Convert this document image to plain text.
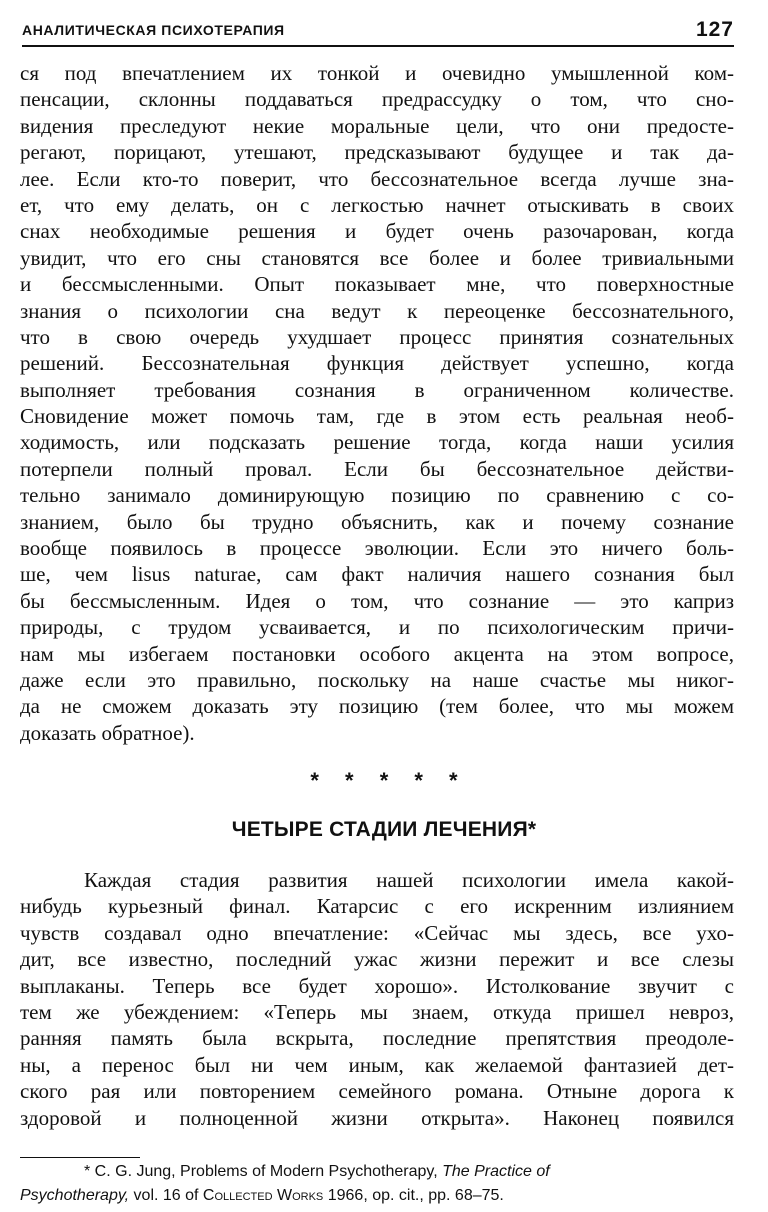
АНАЛИТИЧЕСКАЯ ПСИХОТЕРАПИЯ	127
ся под впечатлением их тонкой и очевидно умышленной ком-
пенсации, склонны поддаваться предрассудку о том, что сно-
видения преследуют некие моральные цели, что они предосте-
регают, порицают, утешают, предсказывают будущее и так да-
лее. Если кто-то поверит, что бессознательное всегда лучше зна-
ет, что ему делать, он с легкостью начнет отыскивать в своих
снах необходимые решения и будет очень разочарован, когда
увидит, что его сны становятся все более и более тривиальными
и бессмысленными. Опыт показывает мне, что поверхностные
знания о психологии сна ведут к переоценке бессознательного,
что в свою очередь ухудшает процесс принятия сознательных
решений. Бессознательная функция действует успешно, когда
выполняет требования сознания в ограниченном количестве.
Сновидение может помочь там, где в этом есть реальная необ-
ходимость, или подсказать решение тогда, когда наши усилия
потерпели полный провал. Если бы бессознательное действи-
тельно занимало доминирующую позицию по сравнению с со-
знанием, было бы трудно объяснить, как и почему сознание
вообще появилось в процессе эволюции. Если это ничего боль-
ше, чем lisus naturae, сам факт наличия нашего сознания был
бы бессмысленным. Идея о том, что сознание — это каприз
природы, с трудом усваивается, и по психологическим причи-
нам мы избегаем постановки особого акцента на этом вопросе,
даже если это правильно, поскольку на наше счастье мы никог-
да не сможем доказать эту позицию (тем более, что мы можем
доказать обратное).
* * * * *
ЧЕТЫРЕ СТАДИИ ЛЕЧЕНИЯ*
Каждая стадия развития нашей психологии имела какой-
нибудь курьезный финал. Катарсис с его искренним излиянием
чувств создавал одно впечатление: «Сейчас мы здесь, все ухо-
дит, все известно, последний ужас жизни пережит и все слезы
выплаканы. Теперь все будет хорошо». Истолкование звучит с
тем же убеждением: «Теперь мы знаем, откуда пришел невроз,
ранняя память была вскрыта, последние препятствия преодоле-
ны, а перенос был ни чем иным, как желаемой фантазией дет-
ского рая или повторением семейного романа. Отныне дорога к
здоровой и полноценной жизни открыта». Наконец появился
* C. G. Jung, Problems of Modern Psychotherapy, The Practice of
Psychotherapy, vol. 16 of Collected Works 1966, op. cit., pp. 68–75.
